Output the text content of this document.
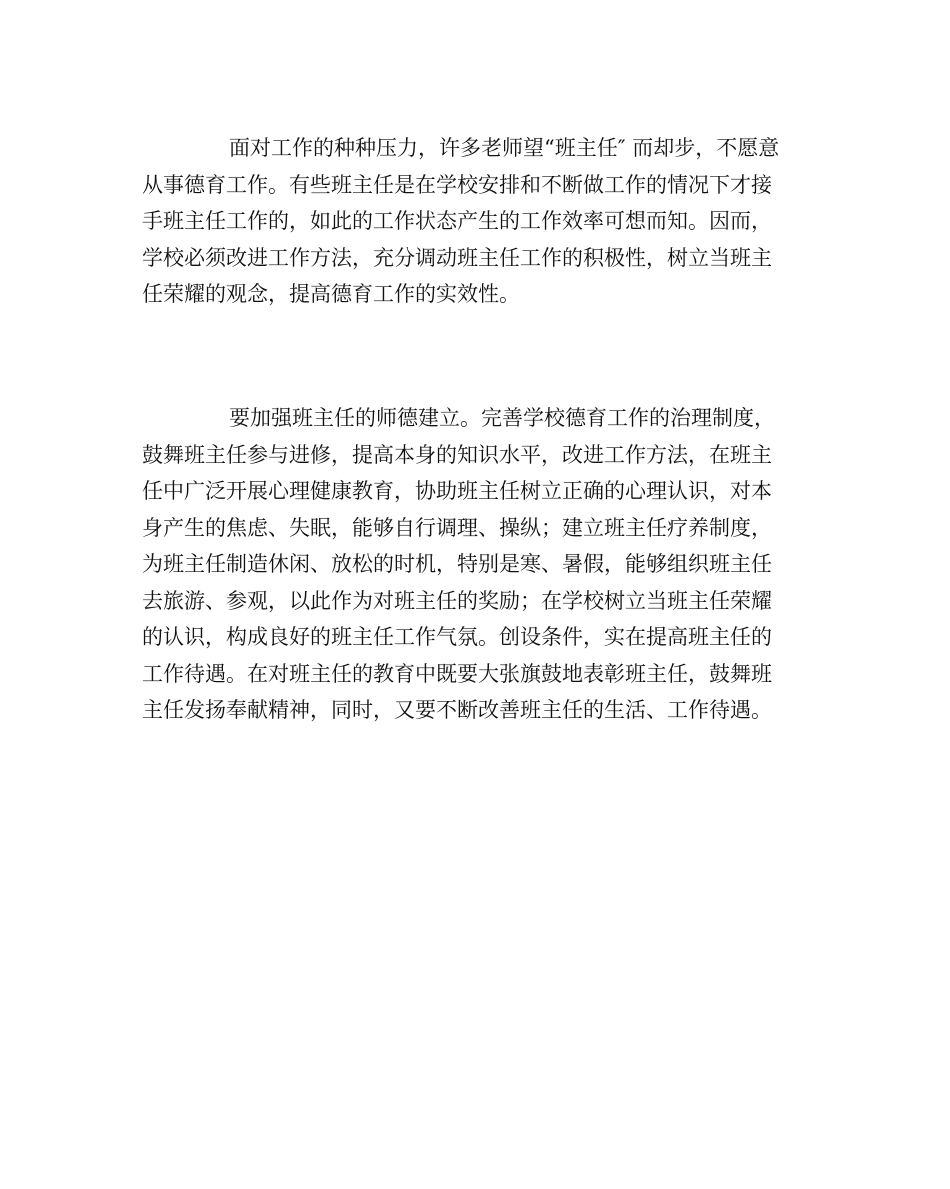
面对工作的种种压力，许多老师望“班主任″ 而却步，不愿意
从事德育工作。有些班主任是在学校安排和不断做工作的情况下才接
手班主任工作的，如此的工作状态产生的工作效率可想而知。因而，
学校必须改进工作方法，充分调动班主任工作的积极性，树立当班主
任荣耀的观念，提高德育工作的实效性。
要加强班主任的师德建立。完善学校德育工作的治理制度，
鼓舞班主任参与进修，提高本身的知识水平，改进工作方法，在班主
任中广泛开展心理健康教育，协助班主任树立正确的心理认识，对本
身产生的焦虑、失眠，能够自行调理、操纵；建立班主任疗养制度，
为班主任制造休闲、放松的时机，特别是寒、暑假，能够组织班主任
去旅游、参观，以此作为对班主任的奖励；在学校树立当班主任荣耀
的认识，构成良好的班主任工作气氛。创设条件，实在提高班主任的
工作待遇。在对班主任的教育中既要大张旗鼓地表彰班主任，鼓舞班
主任发扬奉献精神，同时，又要不断改善班主任的生活、工作待遇。
